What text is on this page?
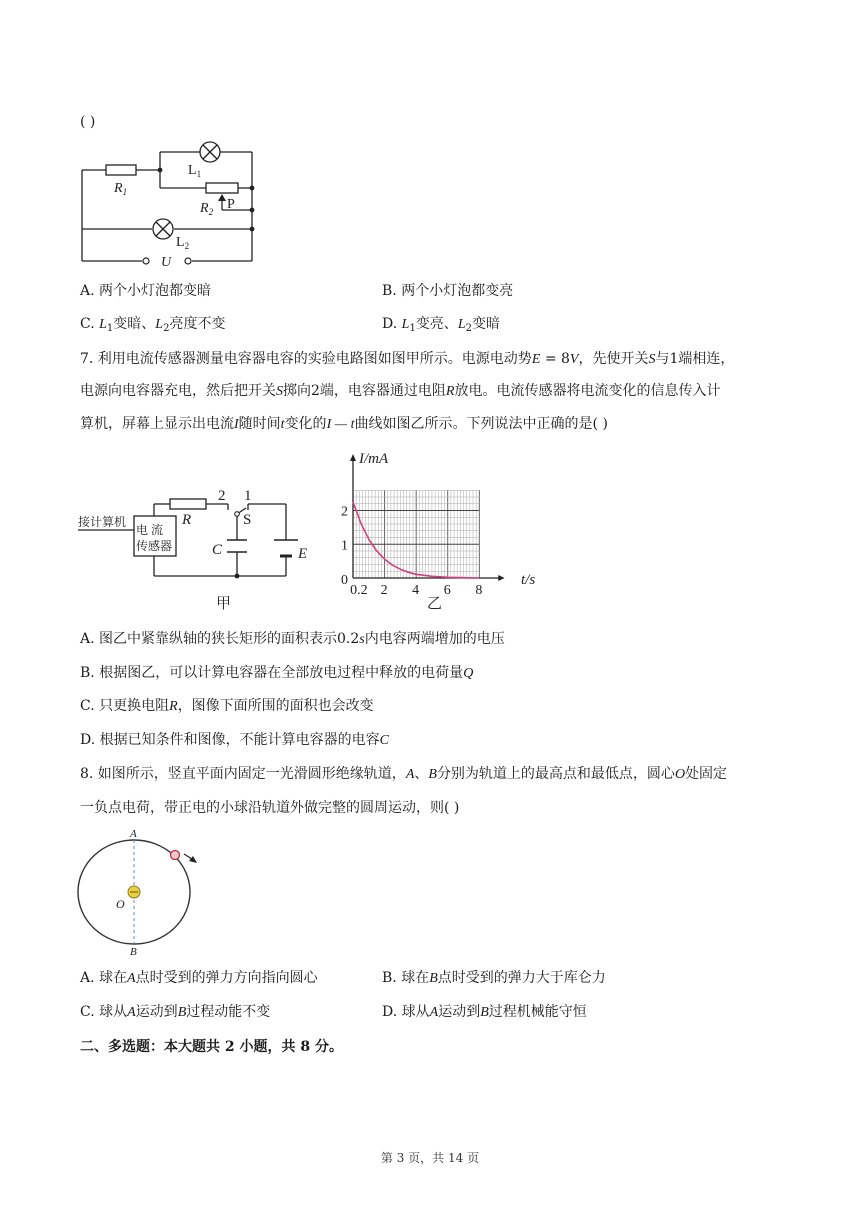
( )
$R_1$
$L_1$
$R_2$ P
$L_2$
U
A. 两个小灯泡都变暗	B. 两个小灯泡都变亮
C. $L_1$变暗、$L_2$亮度不变	D. $L_1$变亮、$L_2$变暗
7. 利用电流传感器测量电容器电容的实验电路图如图甲所示。电源电动势E = 8V，先使开关S与1端相连，
电源向电容器充电，然后把开关S掷向2端，电容器通过电阻R放电。电流传感器将电流变化的信息传入计
算机，屏幕上显示出电流I随时间t变化的I — t曲线如图乙所示。下列说法中正确的是( )
接计算机
电 流
传感器
R
2 1
S
C	E
甲
0.2 2 4 6 8
1
2
0
I/mA
t/s
乙
A. 图乙中紧靠纵轴的狭长矩形的面积表示0.2s内电容两端增加的电压
B. 根据图乙，可以计算电容器在全部放电过程中释放的电荷量Q
C. 只更换电阻R，图像下面所围的面积也会改变
D. 根据已知条件和图像，不能计算电容器的电容C
8. 如图所示，竖直平面内固定一光滑圆形绝缘轨道，A、B分别为轨道上的最高点和最低点，圆心O处固定
一负点电荷，带正电的小球沿轨道外做完整的圆周运动，则( )
A
B
O
A. 球在A点时受到的弹力方向指向圆心	B. 球在B点时受到的弹力大于库仑力
C. 球从A运动到B过程动能不变	D. 球从A运动到B过程机械能守恒
二、多选题：本大题共 2 小题，共 8 分。
第 3 页，共 14 页
